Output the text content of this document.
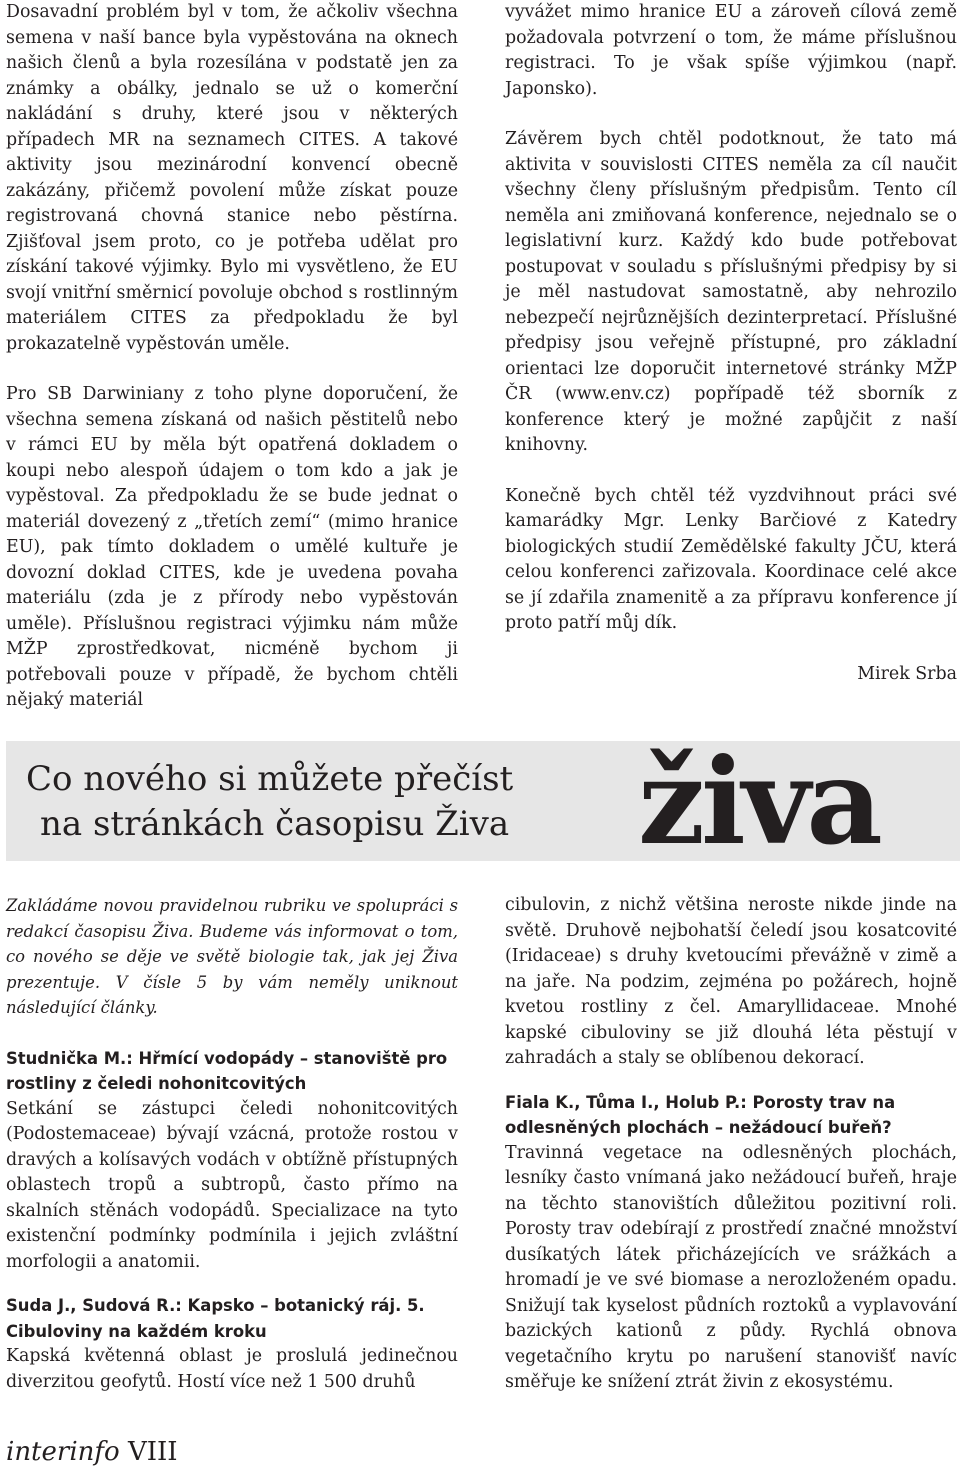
Dosavadní problém byl v tom, že ačkoliv všechna semena v naší bance byla vypěstována na oknech našich členů a byla rozesílána v podstatě jen za známky a obálky, jednalo se už o komerční nakládání s druhy, které jsou v některých případech MR na seznamech CITES. A takové aktivity jsou mezinárodní konvencí obecně zakázány, přičemž povolení může získat pouze registrovaná chovná stanice nebo pěstírna. Zjišťoval jsem proto, co je potřeba udělat pro získání takové výjimky. Bylo mi vysvětleno, že EU svojí vnitřní směrnicí povoluje obchod s rostlinným materiálem CITES za předpokladu že byl prokazatelně vypěstován uměle.

Pro SB Darwiniany z toho plyne doporučení, že všechna semena získaná od našich pěstitelů nebo v rámci EU by měla být opatřená dokladem o koupi nebo alespoň údajem o tom kdo a jak je vypěstoval. Za předpokladu že se bude jednat o materiál dovezený z „třetích zemí“ (mimo hranice EU), pak tímto dokladem o umělé kultuře je dovozní doklad CITES, kde je uvedena povaha materiálu (zda je z přírody nebo vypěstován uměle). Příslušnou registraci výjimku nám může MŽP zprostředkovat, nicméně bychom ji potřebovali pouze v případě, že bychom chtěli nějaký materiál

vyvážet mimo hranice EU a zároveň cílová země požadovala potvrzení o tom, že máme příslušnou registraci. To je však spíše výjimkou (např. Japonsko).

Závěrem bych chtěl podotknout, že tato má aktivita v souvislosti CITES neměla za cíl naučit všechny členy příslušným předpisům. Tento cíl neměla ani zmiňovaná konference, nejednalo se o legislativní kurz. Každý kdo bude potřebovat postupovat v souladu s příslušnými předpisy by si je měl nastudovat samostatně, aby nehrozilo nebezpečí nejrůznějších dezinterpretací. Příslušné předpisy jsou veřejně přístupné, pro základní orientaci lze doporučit internetové stránky MŽP ČR (www.env.cz) popřípadě též sborník z konference který je možné zapůjčit z naší knihovny.

Konečně bych chtěl též vyzdvihnout práci své kamarádky Mgr. Lenky Barčiové z Katedry biologických studií Zemědělské fakulty JČU, která celou konferenci zařizovala. Koordinace celé akce se jí zdařila znamenitě a za přípravu konference jí proto patří můj dík.

Mirek Srba

Co nového si můžete přečíst
na stránkách časopisu Živa živa

Zakládáme novou pravidelnou rubriku ve spolupráci s redakcí časopisu Živa. Budeme vás informovat o tom, co nového se děje ve světě biologie tak, jak jej Živa prezentuje. V čísle 5 by vám neměly uniknout následující články.

Studnička M.: Hřmící vodopády – stanoviště pro rostliny z čeledi nohonitcovitých
Setkání se zástupci čeledi nohonitcovitých (Podostemaceae) bývají vzácná, protože rostou v dravých a kolísavých vodách v obtížně přístupných oblastech tropů a subtropů, často přímo na skalních stěnách vodopádů. Specializace na tyto existenční podmínky podmínila i jejich zvláštní morfologii a anatomii.
Suda J., Sudová R.: Kapsko – botanický ráj. 5. Cibuloviny na každém kroku
Kapská květenná oblast je proslulá jedinečnou diverzitou geofytů. Hostí více než 1 500 druhů
cibulovin, z nichž většina neroste nikde jinde na světě. Druhově nejbohatší čeledí jsou kosatcovité (Iridaceae) s druhy kvetoucími převážně v zimě a na jaře. Na podzim, zejména po požárech, hojně kvetou rostliny z čel. Amaryllidaceae. Mnohé kapské cibuloviny se již dlouhá léta pěstují v zahradách a staly se oblíbenou dekorací.
Fiala K., Tůma I., Holub P.: Porosty trav na odlesněných plochách – nežádoucí buřeň?
Travinná vegetace na odlesněných plochách, lesníky často vnímaná jako nežádoucí buřeň, hraje na těchto stanovištích důležitou pozitivní roli. Porosty trav odebírají z prostředí značné množství dusíkatých látek přicházejících ve srážkách a hromadí je ve své biomase a nerozloženém opadu. Snižují tak kyselost půdních roztoků a vyplavování bazických kationů z půdy. Rychlá obnova vegetačního krytu po narušení stanovišť navíc směřuje ke snížení ztrát živin z ekosystému.

interinfo VIII
